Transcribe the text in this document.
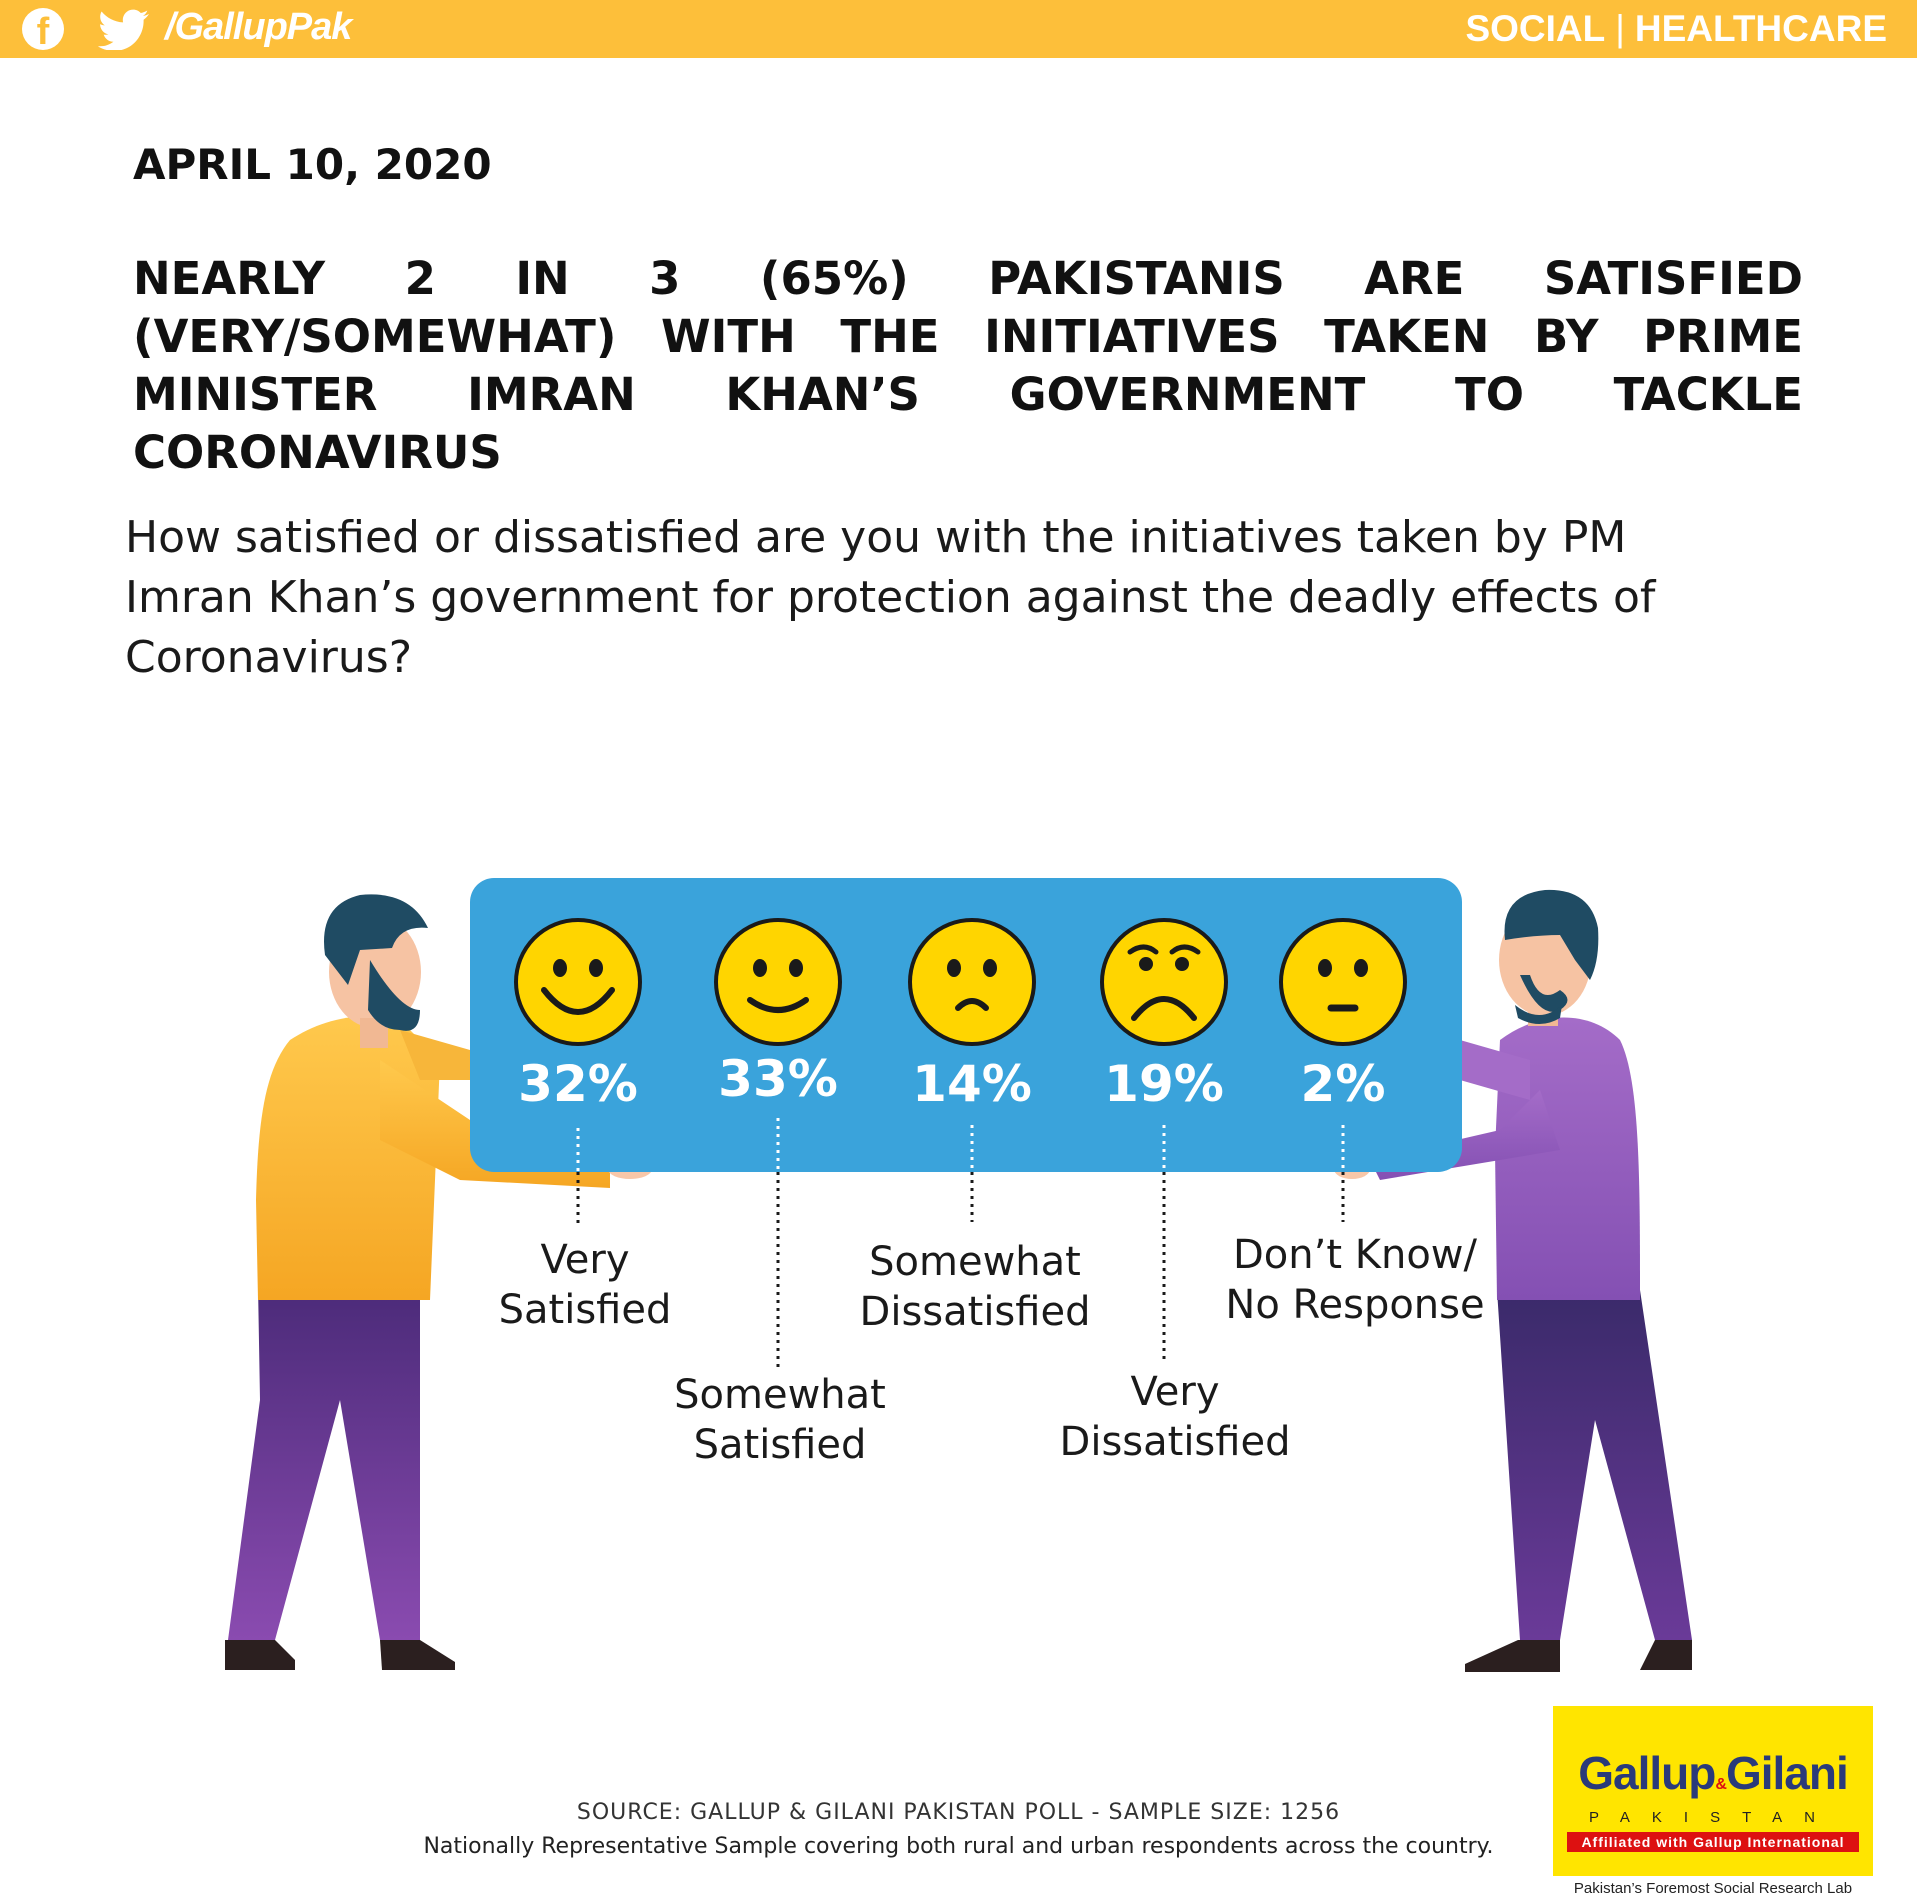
f	/GallupPak	SOCIAL | HEALTHCARE
APRIL 10, 2020
NEARLY 2 IN 3 (65%) PAKISTANIS ARE SATISFIED (VERY/SOMEWHAT) WITH THE INITIATIVES TAKEN BY PRIME MINISTER IMRAN KHAN’S GOVERNMENT TO TACKLE CORONAVIRUS
How satisfied or dissatisfied are you with the initiatives taken by PM Imran Khan’s government for protection against the deadly effects of Coronavirus?
32%	33%	14%	19%	2%
Very
Satisfied
Somewhat
Satisfied
Somewhat
Dissatisfied
Very
Dissatisfied
Don’t Know/
No Response
SOURCE: GALLUP & GILANI PAKISTAN POLL - SAMPLE SIZE: 1256
Nationally Representative Sample covering both rural and urban respondents across the country.
Gallup&Gilani
PAKISTAN
Affiliated with Gallup International
Pakistan’s Foremost Social Research Lab
